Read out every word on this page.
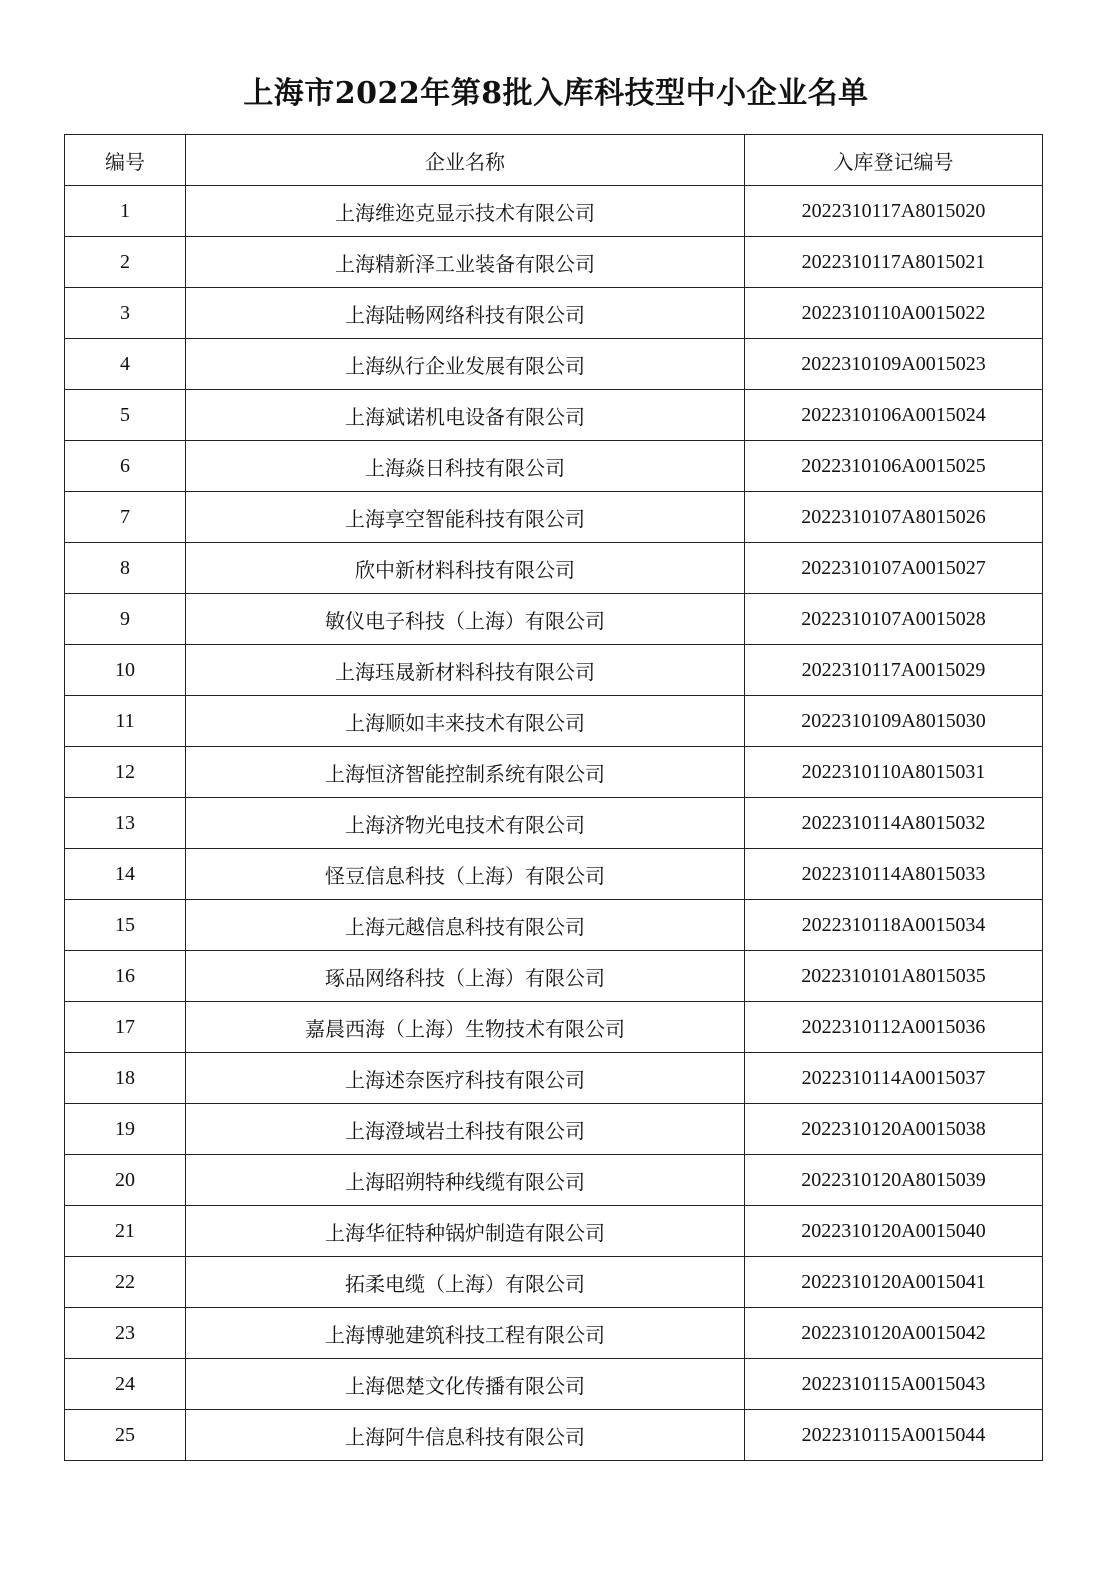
上海市2022年第8批入库科技型中小企业名单
编号	企业名称	入库登记编号
1	上海维迩克显示技术有限公司	2022310117A8015020
2	上海精新泽工业装备有限公司	2022310117A8015021
3	上海陆畅网络科技有限公司	2022310110A0015022
4	上海纵行企业发展有限公司	2022310109A0015023
5	上海斌诺机电设备有限公司	2022310106A0015024
6	上海焱日科技有限公司	2022310106A0015025
7	上海享空智能科技有限公司	2022310107A8015026
8	欣中新材料科技有限公司	2022310107A0015027
9	敏仪电子科技（上海）有限公司	2022310107A0015028
10	上海珏晟新材料科技有限公司	2022310117A0015029
11	上海顺如丰来技术有限公司	2022310109A8015030
12	上海恒济智能控制系统有限公司	2022310110A8015031
13	上海济物光电技术有限公司	2022310114A8015032
14	怪豆信息科技（上海）有限公司	2022310114A8015033
15	上海元越信息科技有限公司	2022310118A0015034
16	琢品网络科技（上海）有限公司	2022310101A8015035
17	嘉晨西海（上海）生物技术有限公司	2022310112A0015036
18	上海述奈医疗科技有限公司	2022310114A0015037
19	上海澄域岩土科技有限公司	2022310120A0015038
20	上海昭朔特种线缆有限公司	2022310120A8015039
21	上海华征特种锅炉制造有限公司	2022310120A0015040
22	拓柔电缆（上海）有限公司	2022310120A0015041
23	上海博驰建筑科技工程有限公司	2022310120A0015042
24	上海偲楚文化传播有限公司	2022310115A0015043
25	上海阿牛信息科技有限公司	2022310115A0015044
